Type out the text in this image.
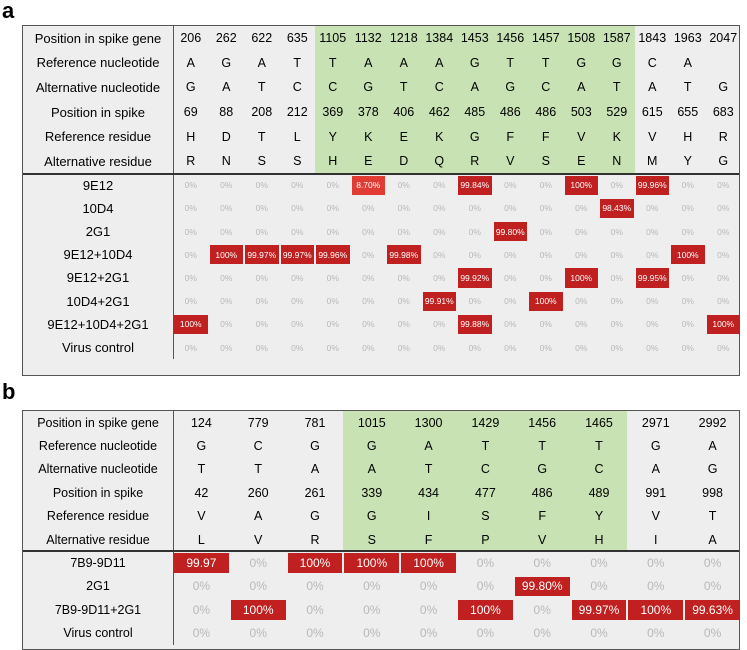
a
Position in spike gene	206	262	622	635 1105 1132 1218 1384 1453 1456 1457 1508 1587 1843 1963 2047
Reference nucleotide	A	G	A	T	T	A	A	A	G	T	T	G	G	C	A
Alternative nucleotide	G	A	T	C	C	G	T	C	A	G	C	A	T	A	T	G
Position in spike	69	88	208	212	369	378	406	462	485	486	486	503	529	615	655	683
Reference residue	H	D	T	L	Y	K	E	K	G	F	F	V	K	V	H	R
Alternative residue	R	N	S	S	H	E	D	Q	R	V	S	E	N	M	Y	G
9E12	0%	0%	0%	0%	0%	8.70%	0%	0%	99.84%	0%	0%	100%	0%	99.96%	0%	0%
10D4	0%	0%	0%	0%	0%	0%	0%	0%	0%	0%	0%	0%	98.43%	0%	0%	0%
2G1	0%	0%	0%	0%	0%	0%	0%	0%	0%	99.80%	0%	0%	0%	0%	0%	0%
9E12+10D4	0%	100%	99.97% 99.97% 99.96%	0%	99.98%	0%	0%	0%	0%	0%	0%	0%	100%	0%
9E12+2G1	0%	0%	0%	0%	0%	0%	0%	0%	99.92%	0%	0%	100%	0%	99.95%	0%	0%
10D4+2G1	0%	0%	0%	0%	0%	0%	0%	99.91%	0%	0%	100%	0%	0%	0%	0%	0%
9E12+10D4+2G1	100%	0%	0%	0%	0%	0%	0%	0%	99.88%	0%	0%	0%	0%	0%	0%	100%
Virus control	0%	0%	0%	0%	0%	0%	0%	0%	0%	0%	0%	0%	0%	0%	0%	0%
b
Position in spike gene	124	779	781	1015	1300	1429	1456	1465	2971	2992
Reference nucleotide	G	C	G	G	A	T	T	T	G	A
Alternative nucleotide	T	T	A	A	T	C	G	C	A	G
Position in spike	42	260	261	339	434	477	486	489	991	998
Reference residue	V	A	G	G	I	S	F	Y	V	T
Alternative residue	L	V	R	S	F	P	V	H	I	A
7B9-9D11	99.97	0%	100%	100%	100%	0%	0%	0%	0%	0%
2G1	0%	0%	0%	0%	0%	0%	99.80%	0%	0%	0%
7B9-9D11+2G1	0%	100%	0%	0%	0%	100%	0%	99.97%	100%	99.63%
Virus control	0%	0%	0%	0%	0%	0%	0%	0%	0%	0%
